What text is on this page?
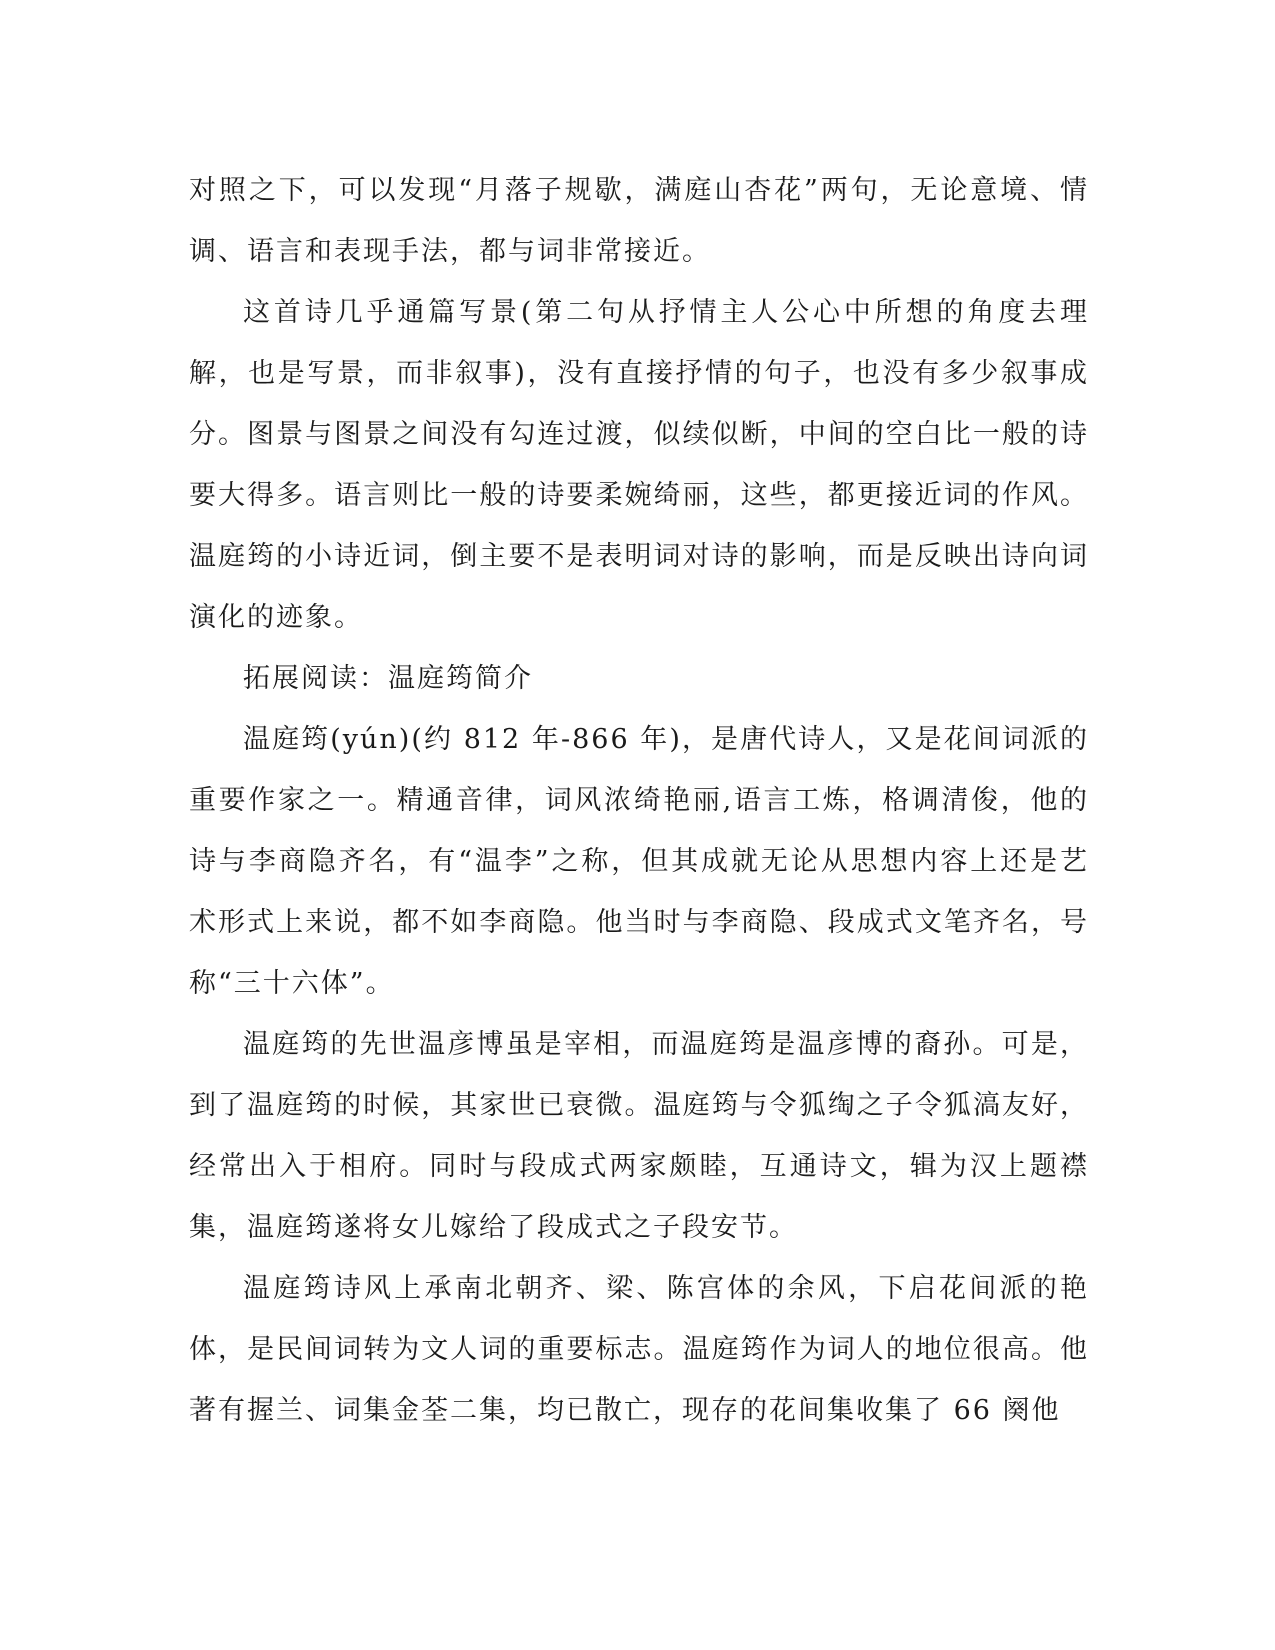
对照之下，可以发现“月落子规歇，满庭山杏花”两句，无论意境、情调、语言和表现手法，都与词非常接近。

这首诗几乎通篇写景(第二句从抒情主人公心中所想的角度去理解，也是写景，而非叙事)，没有直接抒情的句子，也没有多少叙事成分。图景与图景之间没有勾连过渡，似续似断，中间的空白比一般的诗要大得多。语言则比一般的诗要柔婉绮丽，这些，都更接近词的作风。温庭筠的小诗近词，倒主要不是表明词对诗的影响，而是反映出诗向词演化的迹象。

拓展阅读：温庭筠简介

温庭筠(yún)(约 812 年-866 年)，是唐代诗人，又是花间词派的重要作家之一。精通音律，词风浓绮艳丽,语言工炼，格调清俊，他的诗与李商隐齐名，有“温李”之称，但其成就无论从思想内容上还是艺术形式上来说，都不如李商隐。他当时与李商隐、段成式文笔齐名，号称“三十六体”。

温庭筠的先世温彦博虽是宰相，而温庭筠是温彦博的裔孙。可是，到了温庭筠的时候，其家世已衰微。温庭筠与令狐绹之子令狐滈友好，经常出入于相府。同时与段成式两家颇睦，互通诗文，辑为汉上题襟集，温庭筠遂将女儿嫁给了段成式之子段安节。

温庭筠诗风上承南北朝齐、梁、陈宫体的余风，下启花间派的艳体，是民间词转为文人词的重要标志。温庭筠作为词人的地位很高。他著有握兰、词集金荃二集，均已散亡，现存的花间集收集了 66 阕他
